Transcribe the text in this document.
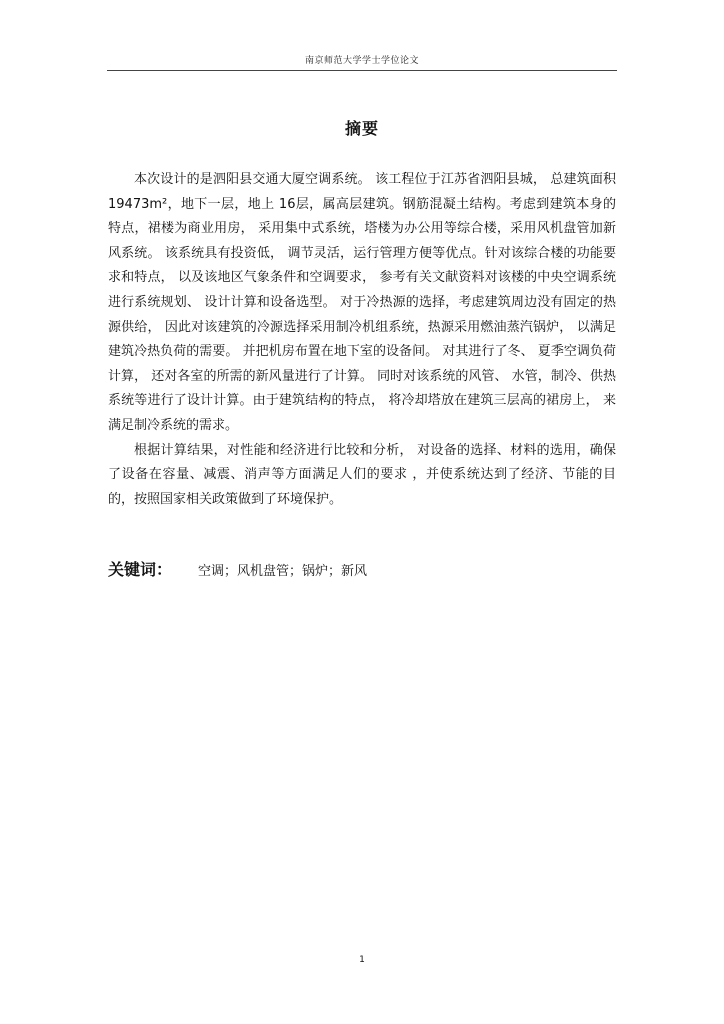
南京师范大学学士学位论文
摘要

本次设计的是泗阳县交通大厦空调系统。 该工程位于江苏省泗阳县城， 总建筑面积 19473m²，地下一层，地上 16层，属高层建筑。钢筋混凝土结构。考虑到建筑本身的特点，裙楼为商业用房， 采用集中式系统，塔楼为办公用等综合楼，采用风机盘管加新风系统。 该系统具有投资低， 调节灵活，运行管理方便等优点。针对该综合楼的功能要求和特点， 以及该地区气象条件和空调要求， 参考有关文献资料对该楼的中央空调系统进行系统规划、 设计计算和设备选型。 对于冷热源的选择，考虑建筑周边没有固定的热源供给， 因此对该建筑的冷源选择采用制冷机组系统，热源采用燃油蒸汽锅炉， 以满足建筑冷热负荷的需要。 并把机房布置在地下室的设备间。 对其进行了冬、 夏季空调负荷计算， 还对各室的所需的新风量进行了计算。 同时对该系统的风管、 水管，制冷、供热系统等进行了设计计算。由于建筑结构的特点， 将冷却塔放在建筑三层高的裙房上， 来满足制冷系统的需求。

根据计算结果，对性能和经济进行比较和分析， 对设备的选择、材料的选用，确保了设备在容量、减震、消声等方面满足人们的要求 ，并使系统达到了经济、节能的目的，按照国家相关政策做到了环境保护。

关键词： 空调；风机盘管；锅炉；新风
1
